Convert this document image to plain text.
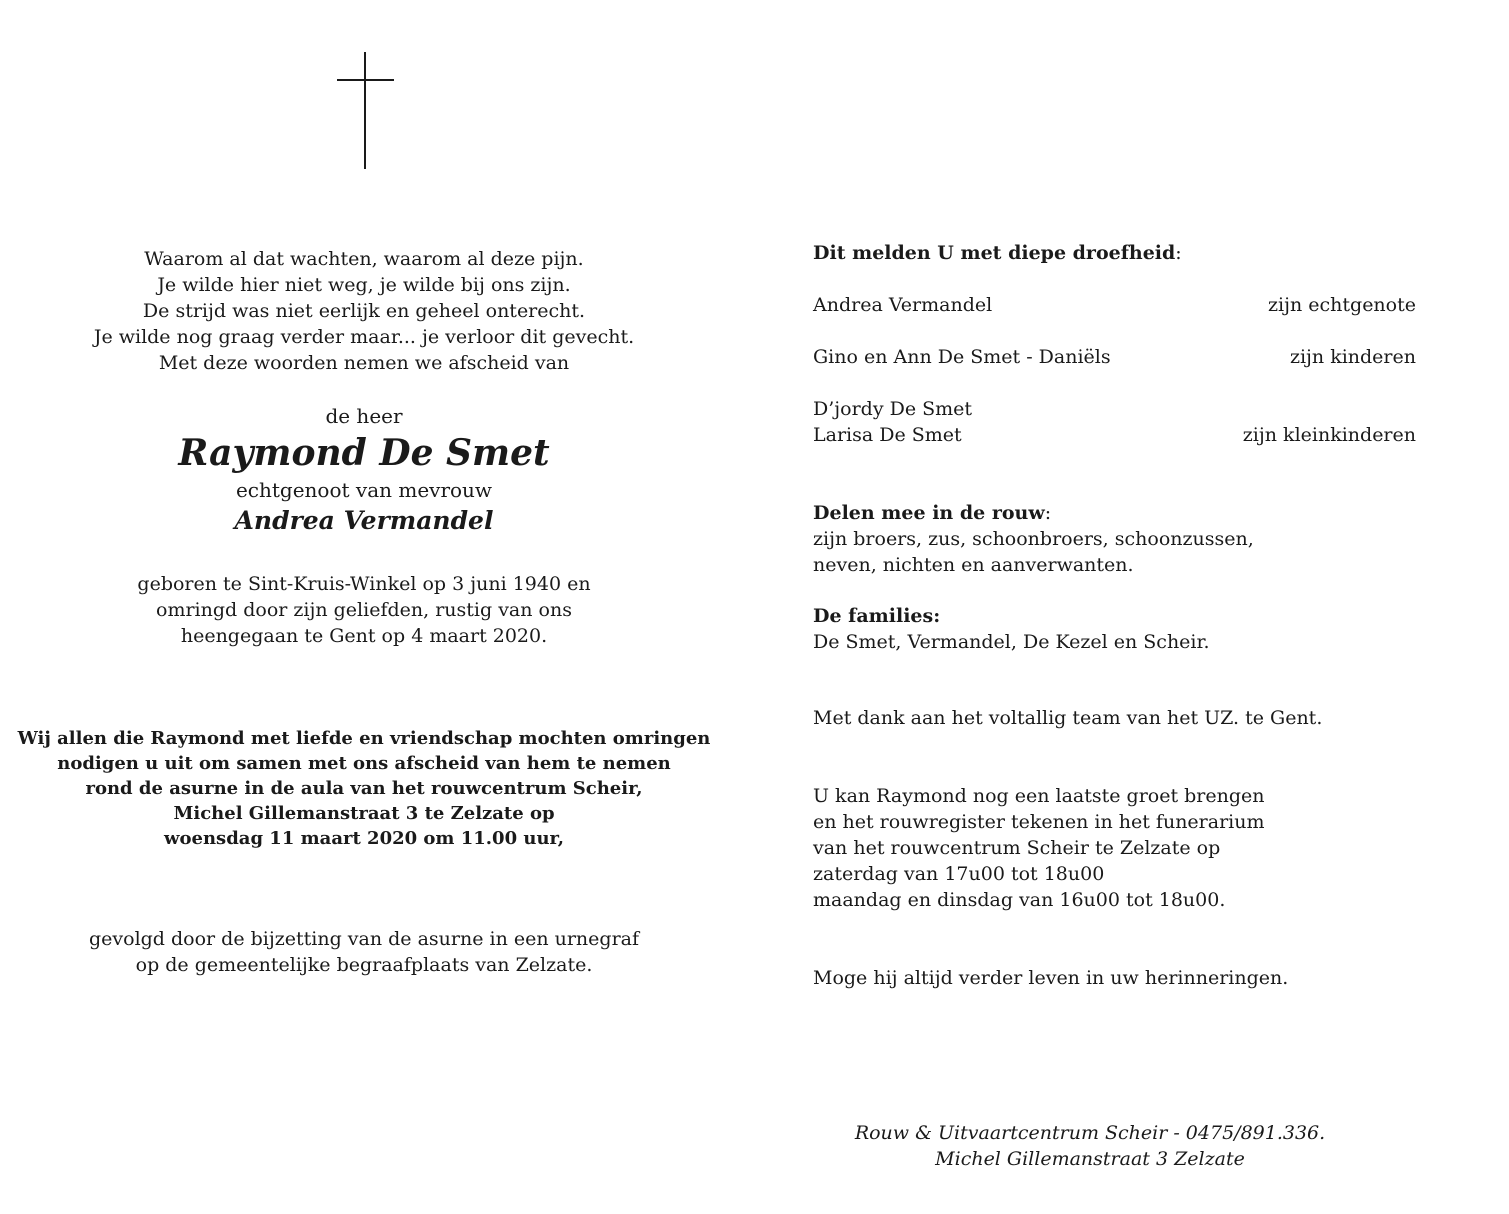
Waarom al dat wachten, waarom al deze pijn.
Je wilde hier niet weg, je wilde bij ons zijn.
De strijd was niet eerlijk en geheel onterecht.
Je wilde nog graag verder maar... je verloor dit gevecht.
Met deze woorden nemen we afscheid van
de heer
Raymond De Smet
echtgenoot van mevrouw
Andrea Vermandel
geboren te Sint-Kruis-Winkel op 3 juni 1940 en
omringd door zijn geliefden, rustig van ons
heengegaan te Gent op 4 maart 2020.
Wij allen die Raymond met liefde en vriendschap mochten omringen
nodigen u uit om samen met ons afscheid van hem te nemen
rond de asurne in de aula van het rouwcentrum Scheir,
Michel Gillemanstraat 3 te Zelzate op
woensdag 11 maart 2020 om 11.00 uur,
gevolgd door de bijzetting van de asurne in een urnegraf
op de gemeentelijke begraafplaats van Zelzate.
Dit melden U met diepe droefheid:
Andrea Vermandel	zijn echtgenote
Gino en Ann De Smet - Daniëls	zijn kinderen
D’jordy De Smet
Larisa De Smet	zijn kleinkinderen
Delen mee in de rouw:
zijn broers, zus, schoonbroers, schoonzussen,
neven, nichten en aanverwanten.
De families:
De Smet, Vermandel, De Kezel en Scheir.
Met dank aan het voltallig team van het UZ. te Gent.
U kan Raymond nog een laatste groet brengen
en het rouwregister tekenen in het funerarium
van het rouwcentrum Scheir te Zelzate op
zaterdag van 17u00 tot 18u00
maandag en dinsdag van 16u00 tot 18u00.
Moge hij altijd verder leven in uw herinneringen.
Rouw & Uitvaartcentrum Scheir - 0475/891.336.
Michel Gillemanstraat 3 Zelzate
